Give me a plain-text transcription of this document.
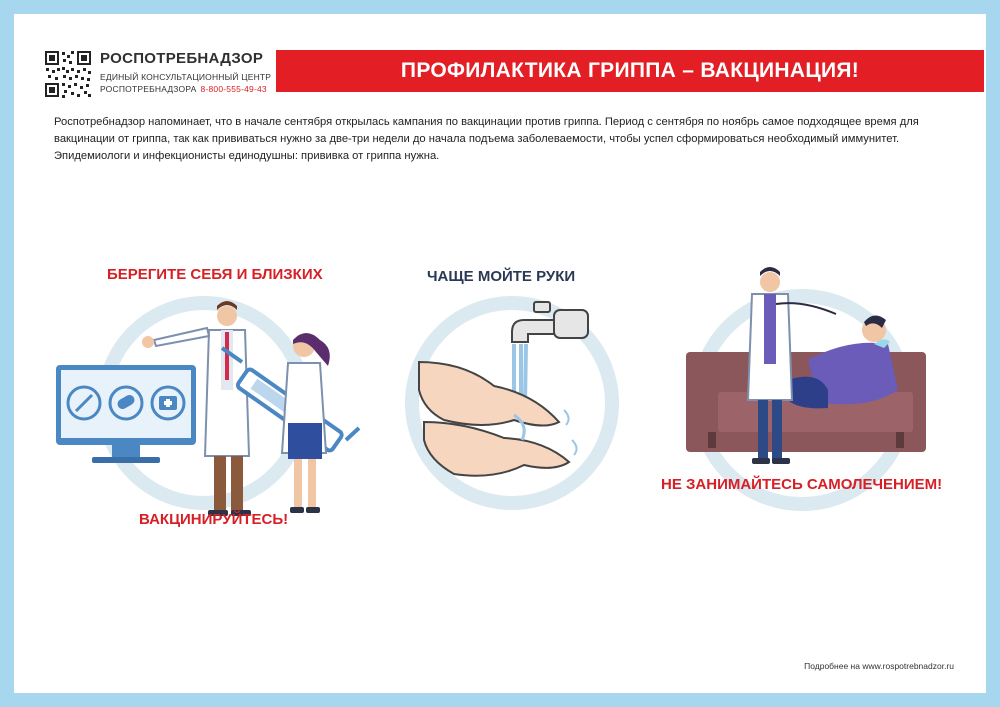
РОСПОТРЕБНАДЗОР
ЕДИНЫЙ КОНСУЛЬТАЦИОННЫЙ ЦЕНТР
РОСПОТРЕБНАДЗОРА 8-800-555-49-43
ПРОФИЛАКТИКА ГРИППА – ВАКЦИНАЦИЯ!
Роспотребнадзор напоминает, что в начале сентября открылась кампания по вакцинации против гриппа. Период с сентября по ноябрь самое подходящее время для вакцинации от гриппа, так как прививаться нужно за две-три недели до начала подъема заболеваемости, чтобы успел сформироваться необходимый иммунитет. Эпидемиологи и инфекционисты единодушны: прививка от гриппа нужна.
БЕРЕГИТЕ СЕБЯ И БЛИЗКИХ
ВАКЦИНИРУЙТЕСЬ!
ЧАЩЕ МОЙТЕ РУКИ
НЕ ЗАНИМАЙТЕСЬ САМОЛЕЧЕНИЕМ!
Подробнее на www.rospotrebnadzor.ru
